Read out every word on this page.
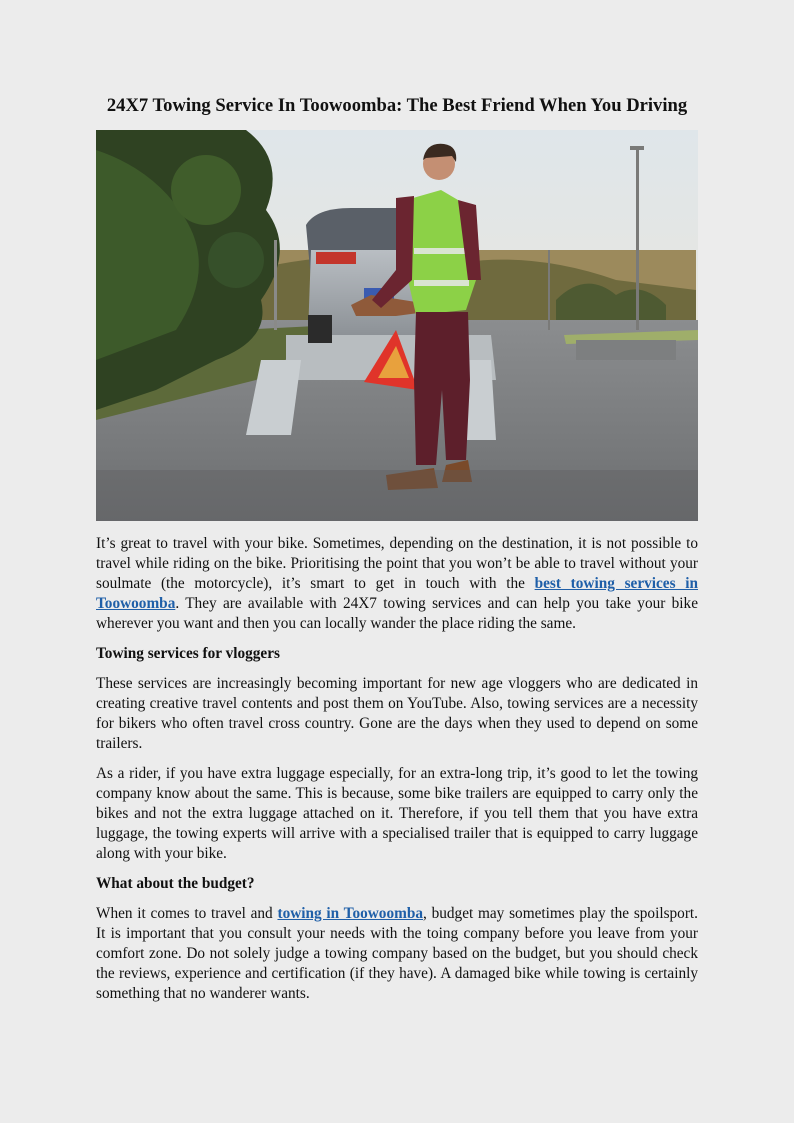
24X7 Towing Service In Toowoomba: The Best Friend When You Driving

It’s great to travel with your bike. Sometimes, depending on the destination, it is not possible to travel while riding on the bike. Prioritising the point that you won’t be able to travel without your soulmate (the motorcycle), it’s smart to get in touch with the best towing services in Toowoomba. They are available with 24X7 towing services and can help you take your bike wherever you want and then you can locally wander the place riding the same.

Towing services for vloggers

These services are increasingly becoming important for new age vloggers who are dedicated in creating creative travel contents and post them on YouTube. Also, towing services are a necessity for bikers who often travel cross country. Gone are the days when they used to depend on some trailers.

As a rider, if you have extra luggage especially, for an extra-long trip, it’s good to let the towing company know about the same. This is because, some bike trailers are equipped to carry only the bikes and not the extra luggage attached on it. Therefore, if you tell them that you have extra luggage, the towing experts will arrive with a specialised trailer that is equipped to carry luggage along with your bike.

What about the budget?

When it comes to travel and towing in Toowoomba, budget may sometimes play the spoilsport. It is important that you consult your needs with the toing company before you leave from your comfort zone. Do not solely judge a towing company based on the budget, but you should check the reviews, experience and certification (if they have). A damaged bike while towing is certainly something that no wanderer wants.
